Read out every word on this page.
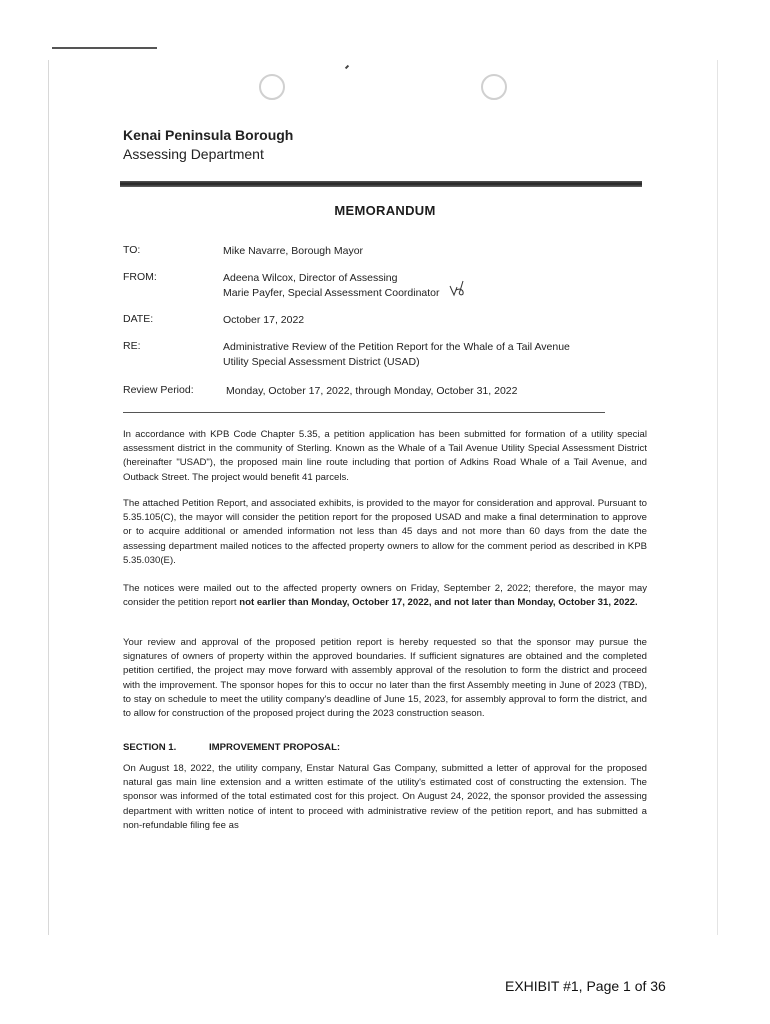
Kenai Peninsula Borough
Assessing Department
MEMORANDUM
TO:	Mike Navarre, Borough Mayor
FROM:	Adeena Wilcox, Director of Assessing
Marie Payfer, Special Assessment Coordinator
DATE:	October 17, 2022
RE:	Administrative Review of the Petition Report for the Whale of a Tail Avenue
Utility Special Assessment District (USAD)
Review Period:	Monday, October 17, 2022, through Monday, October 31, 2022

In accordance with KPB Code Chapter 5.35, a petition application has been submitted for formation of a utility special assessment district in the community of Sterling. Known as the Whale of a Tail Avenue Utility Special Assessment District (hereinafter "USAD"), the proposed main line route including that portion of Adkins Road Whale of a Tail Avenue, and Outback Street. The project would benefit 41 parcels.

The attached Petition Report, and associated exhibits, is provided to the mayor for consideration and approval. Pursuant to 5.35.105(C), the mayor will consider the petition report for the proposed USAD and make a final determination to approve or to acquire additional or amended information not less than 45 days and not more than 60 days from the date the assessing department mailed notices to the affected property owners to allow for the comment period as described in KPB 5.35.030(E).

The notices were mailed out to the affected property owners on Friday, September 2, 2022; therefore, the mayor may consider the petition report not earlier than Monday, October 17, 2022, and not later than Monday, October 31, 2022.

Your review and approval of the proposed petition report is hereby requested so that the sponsor may pursue the signatures of owners of property within the approved boundaries. If sufficient signatures are obtained and the completed petition certified, the project may move forward with assembly approval of the resolution to form the district and proceed with the improvement. The sponsor hopes for this to occur no later than the first Assembly meeting in June of 2023 (TBD), to stay on schedule to meet the utility company's deadline of June 15, 2023, for assembly approval to form the district, and to allow for construction of the proposed project during the 2023 construction season.

SECTION 1.	IMPROVEMENT PROPOSAL:

On August 18, 2022, the utility company, Enstar Natural Gas Company, submitted a letter of approval for the proposed natural gas main line extension and a written estimate of the utility's estimated cost of constructing the extension. The sponsor was informed of the total estimated cost for this project. On August 24, 2022, the sponsor provided the assessing department with written notice of intent to proceed with administrative review of the petition report, and has submitted a non-refundable filing fee as

EXHIBIT #1, Page 1 of 36
